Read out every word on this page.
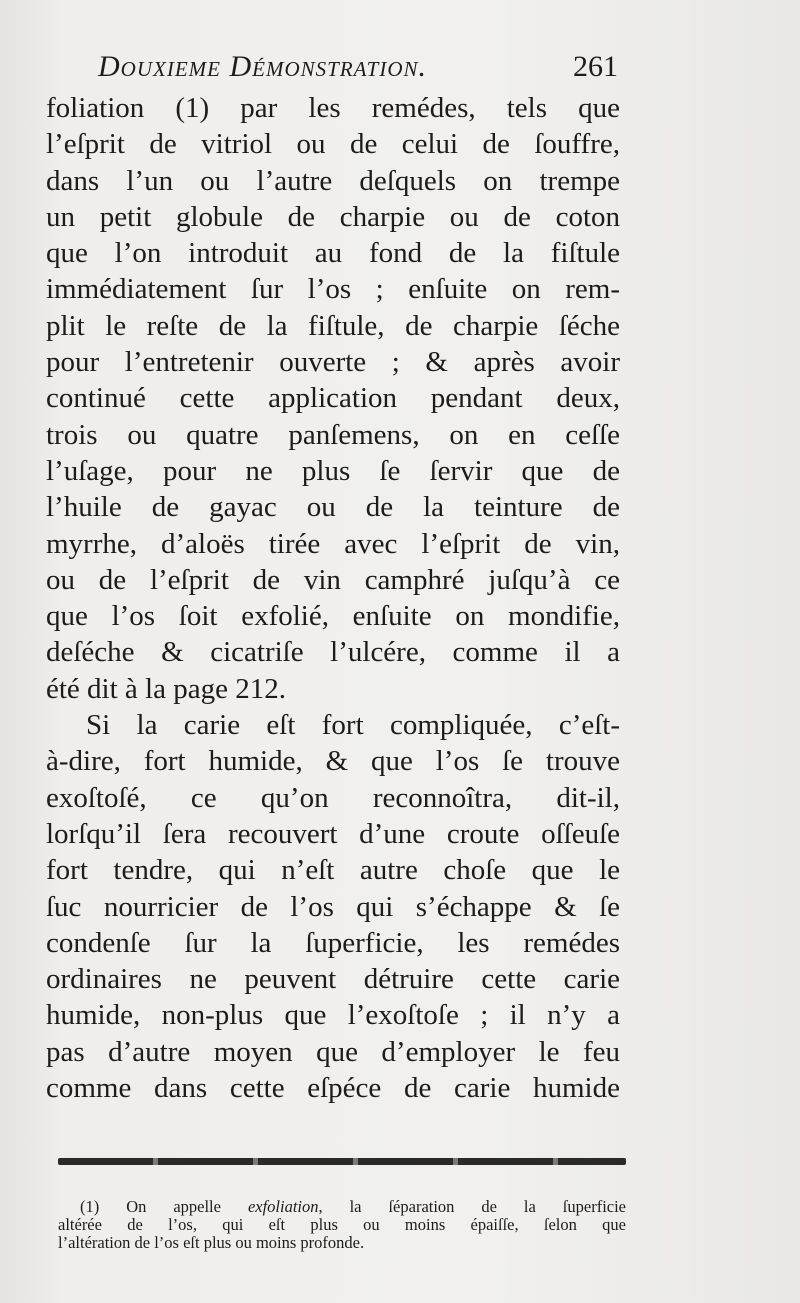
Douxieme Démonstration.	261
foliation (1) par les remédes, tels que
l’eſprit de vitriol ou de celui de ſouffre,
dans l’un ou l’autre deſquels on trempe
un petit globule de charpie ou de coton
que l’on introduit au fond de la fiſtule
immédiatement ſur l’os ; enſuite on rem-
plit le reſte de la fiſtule, de charpie ſéche
pour l’entretenir ouverte ; & après avoir
continué cette application pendant deux,
trois ou quatre panſemens, on en ceſſe
l’uſage, pour ne plus ſe ſervir que de
l’huile de gayac ou de la teinture de
myrrhe, d’aloës tirée avec l’eſprit de vin,
ou de l’eſprit de vin camphré juſqu’à ce
que l’os ſoit exfolié, enſuite on mondifie,
deſéche & cicatriſe l’ulcére, comme il a
été dit à la page 212.
Si la carie eſt fort compliquée, c’eſt-
à-dire, fort humide, & que l’os ſe trouve
exoſtoſé, ce qu’on reconnoîtra, dit-il,
lorſqu’il ſera recouvert d’une croute oſſeuſe
fort tendre, qui n’eſt autre choſe que le
ſuc nourricier de l’os qui s’échappe & ſe
condenſe ſur la ſuperficie, les remédes
ordinaires ne peuvent détruire cette carie
humide, non-plus que l’exoſtoſe ; il n’y a
pas d’autre moyen que d’employer le feu
comme dans cette eſpéce de carie humide
(1) On appelle exfoliation, la ſéparation de la ſuperficie
altérée de l’os, qui eſt plus ou moins épaiſſe, ſelon que
l’altération de l’os eſt plus ou moins profonde.
